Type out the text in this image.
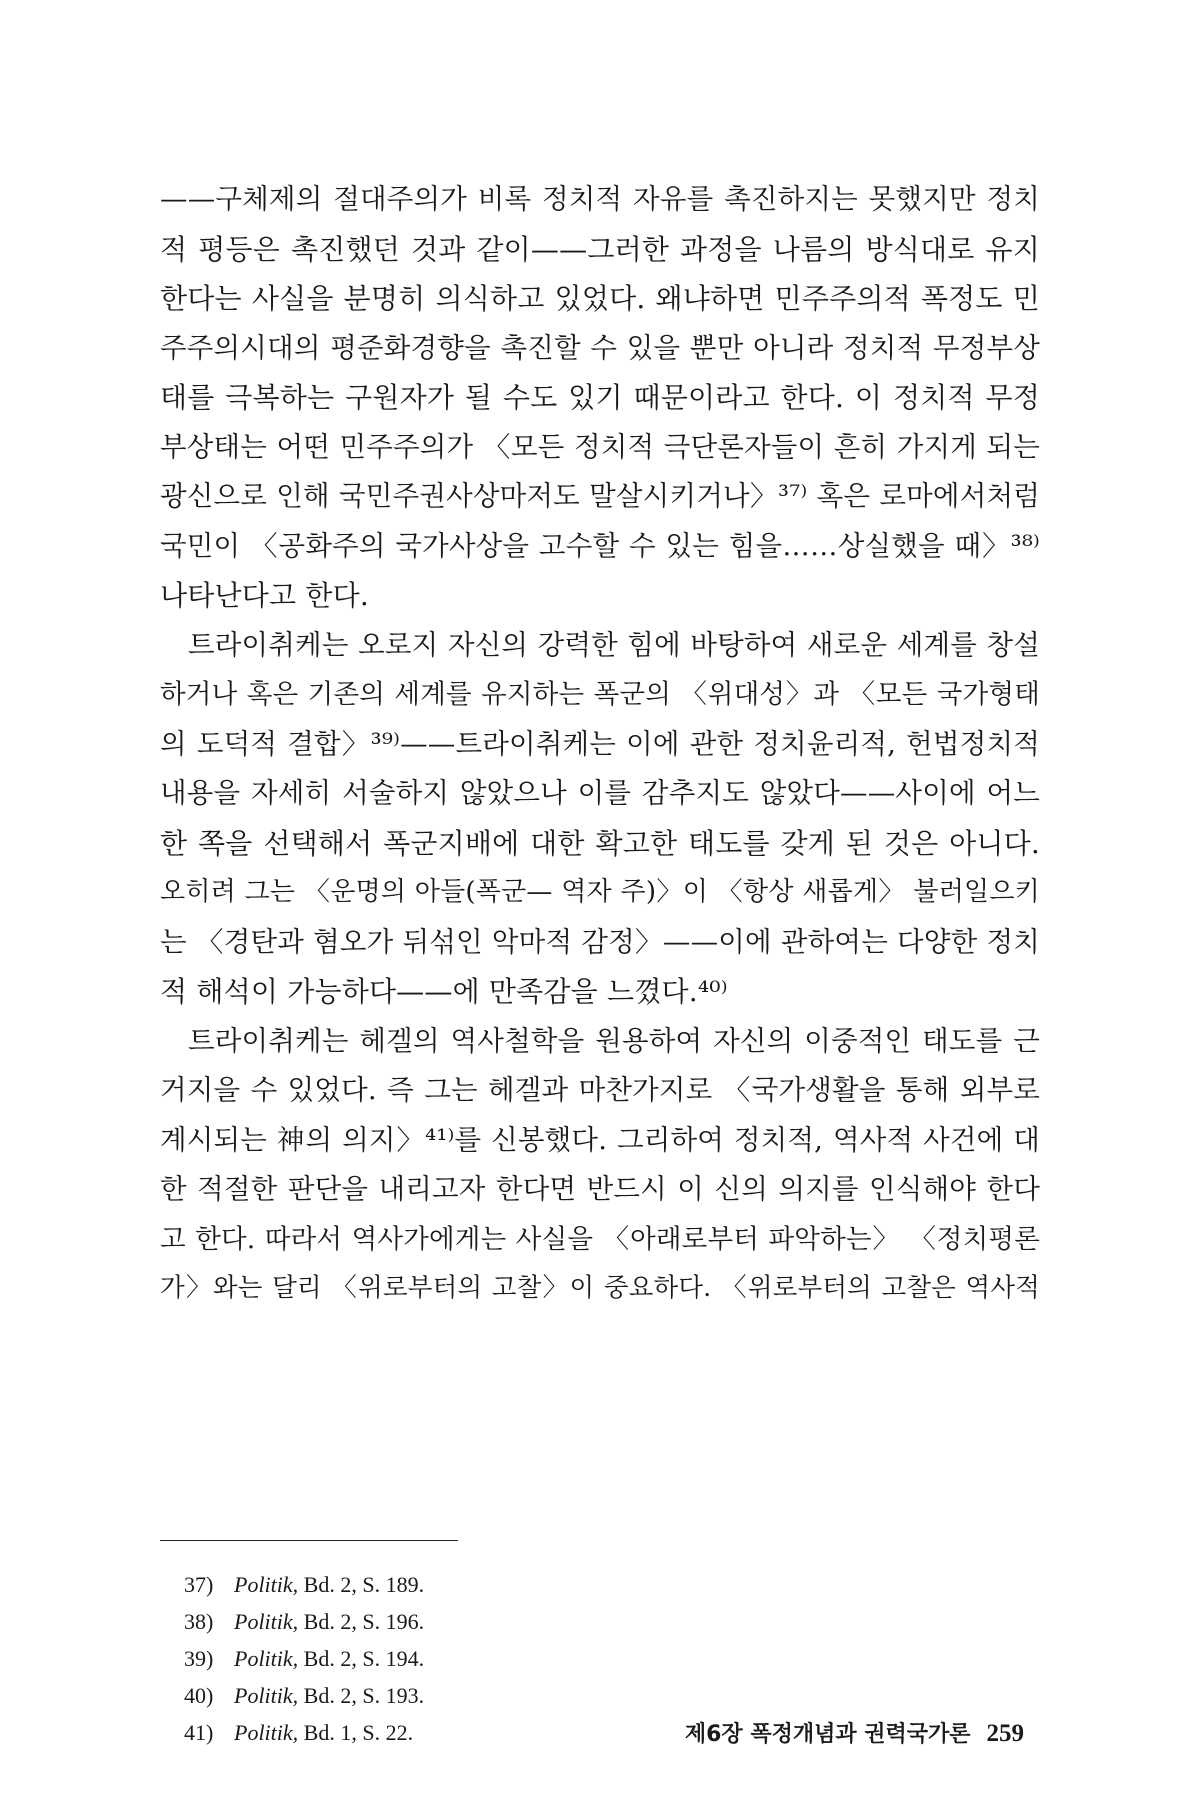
——구체제의 절대주의가 비록 정치적 자유를 촉진하지는 못했지만 정치
적 평등은 촉진했던 것과 같이——그러한 과정을 나름의 방식대로 유지
한다는 사실을 분명히 의식하고 있었다. 왜냐하면 민주주의적 폭정도 민
주주의시대의 평준화경향을 촉진할 수 있을 뿐만 아니라 정치적 무정부상
태를 극복하는 구원자가 될 수도 있기 때문이라고 한다. 이 정치적 무정
부상태는 어떤 민주주의가 〈모든 정치적 극단론자들이 흔히 가지게 되는
광신으로 인해 국민주권사상마저도 말살시키거나〉³⁷⁾ 혹은 로마에서처럼
국민이 〈공화주의 국가사상을 고수할 수 있는 힘을……상실했을 때〉³⁸⁾
나타난다고 한다.
트라이취케는 오로지 자신의 강력한 힘에 바탕하여 새로운 세계를 창설
하거나 혹은 기존의 세계를 유지하는 폭군의 〈위대성〉과 〈모든 국가형태
의 도덕적 결합〉³⁹⁾——트라이취케는 이에 관한 정치윤리적, 헌법정치적
내용을 자세히 서술하지 않았으나 이를 감추지도 않았다——사이에 어느
한 쪽을 선택해서 폭군지배에 대한 확고한 태도를 갖게 된 것은 아니다.
오히려 그는 〈운명의 아들(폭군— 역자 주)〉이 〈항상 새롭게〉 불러일으키
는 〈경탄과 혐오가 뒤섞인 악마적 감정〉——이에 관하여는 다양한 정치
적 해석이 가능하다——에 만족감을 느꼈다.⁴⁰⁾
트라이취케는 헤겔의 역사철학을 원용하여 자신의 이중적인 태도를 근
거지을 수 있었다. 즉 그는 헤겔과 마찬가지로 〈국가생활을 통해 외부로
계시되는 神의 의지〉⁴¹⁾를 신봉했다. 그리하여 정치적, 역사적 사건에 대
한 적절한 판단을 내리고자 한다면 반드시 이 신의 의지를 인식해야 한다
고 한다. 따라서 역사가에게는 사실을 〈아래로부터 파악하는〉 〈정치평론
가〉와는 달리 〈위로부터의 고찰〉이 중요하다. 〈위로부터의 고찰은 역사적
37) Politik, Bd. 2, S. 189.
38) Politik, Bd. 2, S. 196.
39) Politik, Bd. 2, S. 194.
40) Politik, Bd. 2, S. 193.
41) Politik, Bd. 1, S. 22.	제6장 폭정개념과 권력국가론 259
